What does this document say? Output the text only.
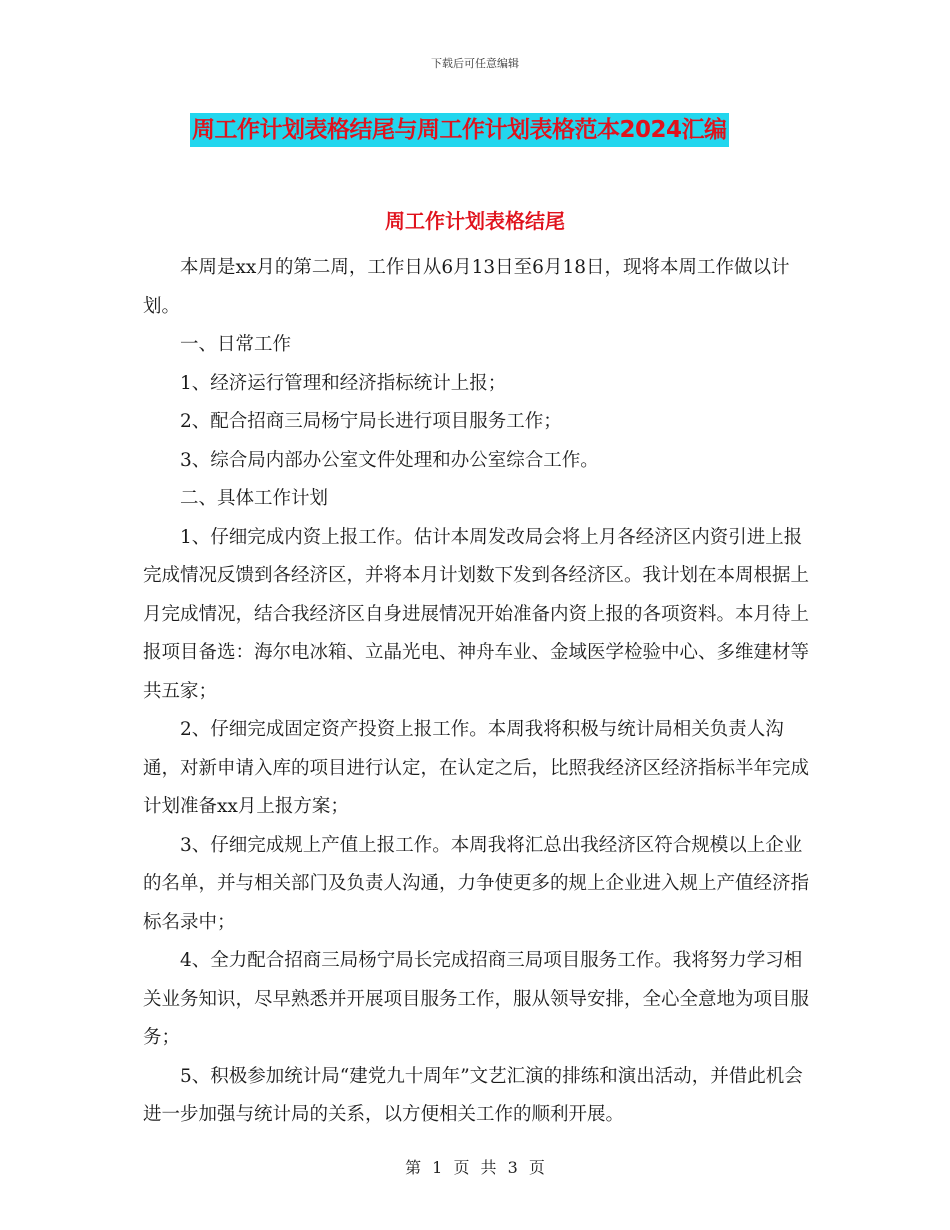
下载后可任意编辑
周工作计划表格结尾与周工作计划表格范本2024汇编
周工作计划表格结尾

本周是xx月的第二周，工作日从6月13日至6月18日，现将本周工作做以计划。

一、日常工作

1、经济运行管理和经济指标统计上报；

2、配合招商三局杨宁局长进行项目服务工作；

3、综合局内部办公室文件处理和办公室综合工作。

二、具体工作计划

1、仔细完成内资上报工作。估计本周发改局会将上月各经济区内资引进上报完成情况反馈到各经济区，并将本月计划数下发到各经济区。我计划在本周根据上月完成情况，结合我经济区自身进展情况开始准备内资上报的各项资料。本月待上报项目备选：海尔电冰箱、立晶光电、神舟车业、金域医学检验中心、多维建材等共五家；

2、仔细完成固定资产投资上报工作。本周我将积极与统计局相关负责人沟通，对新申请入库的项目进行认定，在认定之后，比照我经济区经济指标半年完成计划准备xx月上报方案；

3、仔细完成规上产值上报工作。本周我将汇总出我经济区符合规模以上企业的名单，并与相关部门及负责人沟通，力争使更多的规上企业进入规上产值经济指标名录中；

4、全力配合招商三局杨宁局长完成招商三局项目服务工作。我将努力学习相关业务知识，尽早熟悉并开展项目服务工作，服从领导安排，全心全意地为项目服务；

5、积极参加统计局“建党九十周年”文艺汇演的排练和演出活动，并借此机会进一步加强与统计局的关系，以方便相关工作的顺利开展。

第 1 页 共 3 页
